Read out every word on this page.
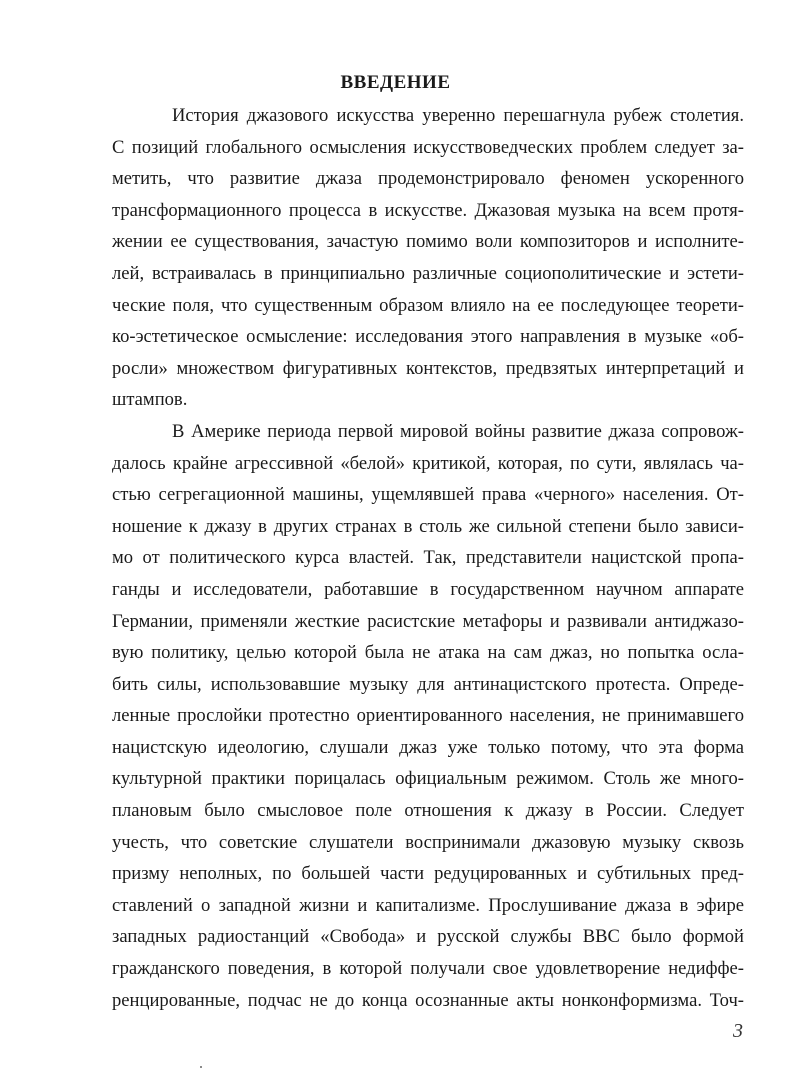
ВВЕДЕНИЕ
История джазового искусства уверенно перешагнула рубеж столетия.
С позиций глобального осмысления искусствоведческих проблем следует за-
метить, что развитие джаза продемонстрировало феномен ускоренного
трансформационного процесса в искусстве. Джазовая музыка на всем протя-
жении ее существования, зачастую помимо воли композиторов и исполните-
лей, встраивалась в принципиально различные социополитические и эстети-
ческие поля, что существенным образом влияло на ее последующее теорети-
ко-эстетическое осмысление: исследования этого направления в музыке «об-
росли» множеством фигуративных контекстов, предвзятых интерпретаций и
штампов.
В Америке периода первой мировой войны развитие джаза сопровож-
далось крайне агрессивной «белой» критикой, которая, по сути, являлась ча-
стью сегрегационной машины, ущемлявшей права «черного» населения. От-
ношение к джазу в других странах в столь же сильной степени было зависи-
мо от политического курса властей. Так, представители нацистской пропа-
ганды и исследователи, работавшие в государственном научном аппарате
Германии, применяли жесткие расистские метафоры и развивали антиджазо-
вую политику, целью которой была не атака на сам джаз, но попытка осла-
бить силы, использовавшие музыку для антинацистского протеста. Опреде-
ленные прослойки протестно ориентированного населения, не принимавшего
нацистскую идеологию, слушали джаз уже только потому, что эта форма
культурной практики порицалась официальным режимом. Столь же много-
плановым было смысловое поле отношения к джазу в России. Следует
учесть, что советские слушатели воспринимали джазовую музыку сквозь
призму неполных, по большей части редуцированных и субтильных пред-
ставлений о западной жизни и капитализме. Прослушивание джаза в эфире
западных радиостанций «Свобода» и русской службы BBC было формой
гражданского поведения, в которой получали свое удовлетворение недиффе-
ренцированные, подчас не до конца осознанные акты нонконформизма. Точ-
3
